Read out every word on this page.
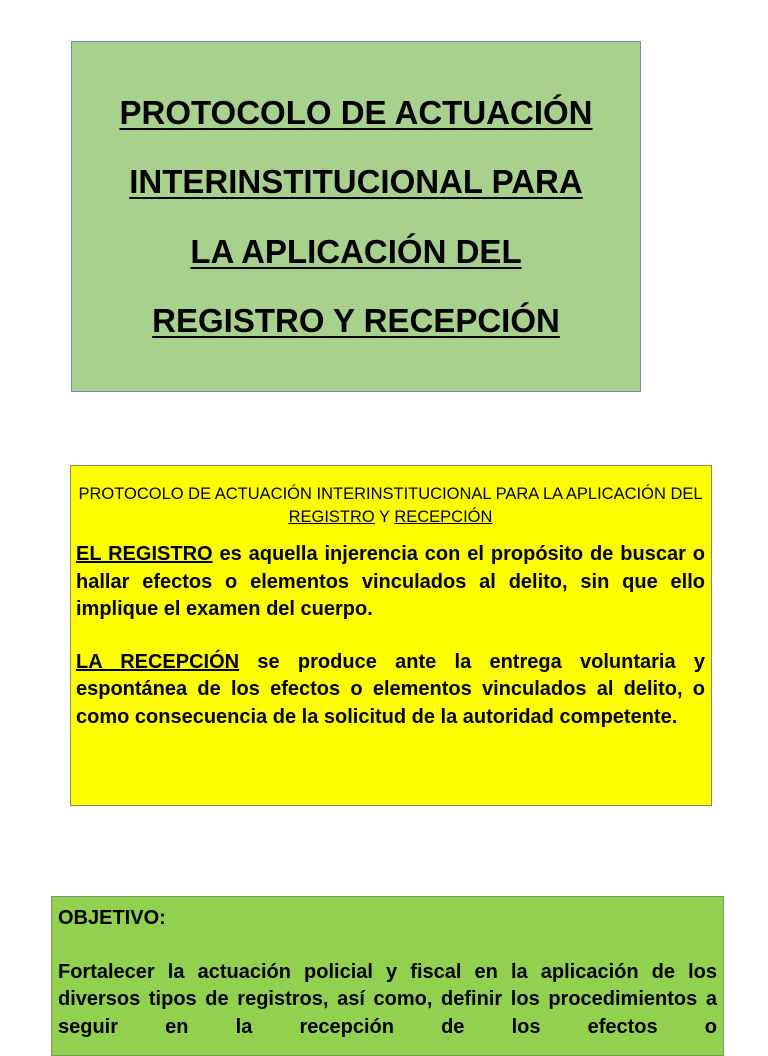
PROTOCOLO DE ACTUACIÓN
INTERINSTITUCIONAL PARA
LA APLICACIÓN DEL
REGISTRO Y RECEPCIÓN
PROTOCOLO DE ACTUACIÓN INTERINSTITUCIONAL PARA LA APLICACIÓN DEL REGISTRO Y RECEPCIÓN
EL REGISTRO es aquella injerencia con el propósito de buscar o hallar efectos o elementos vinculados al delito, sin que ello implique el examen del cuerpo.
LA RECEPCIÓN se produce ante la entrega voluntaria y espontánea de los efectos o elementos vinculados al delito, o como consecuencia de la solicitud de la autoridad competente.
OBJETIVO:
Fortalecer la actuación policial y fiscal en la aplicación de los diversos tipos de registros, así como, definir los procedimientos a seguir en la recepción de los efectos o
